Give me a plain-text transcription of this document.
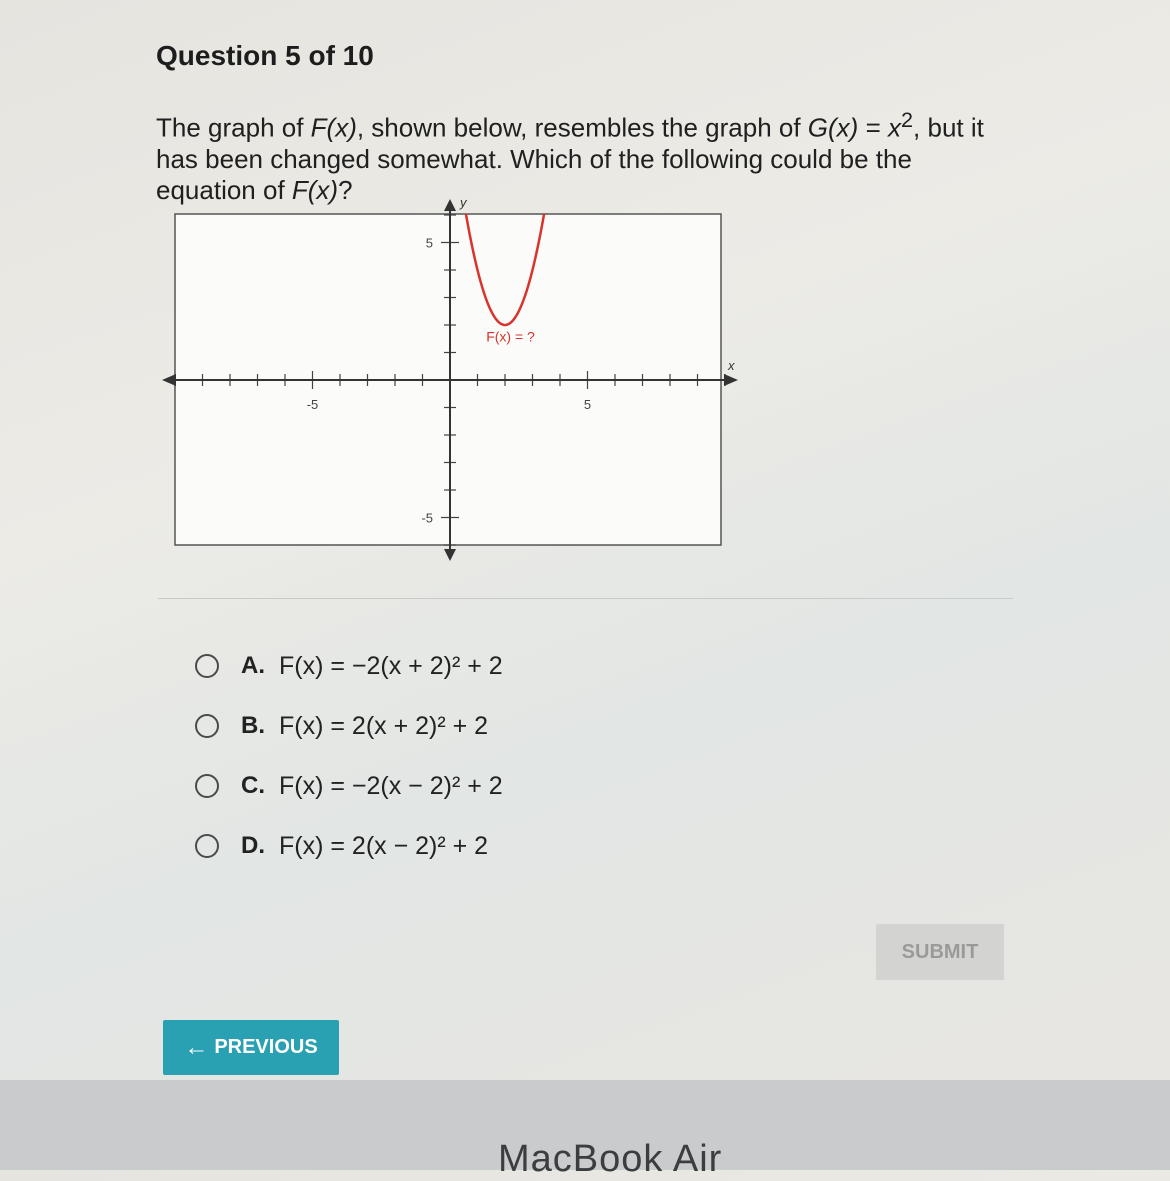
Question 5 of 10
The graph of F(x), shown below, resembles the graph of $G(x) = x^2$, but it has been changed somewhat. Which of the following could be the equation of F(x)?	y
x
-5	5
5
-5
F(x) = ?
A. F(x) = −2(x + 2)² + 2
B. F(x) = 2(x + 2)² + 2
C. F(x) = −2(x − 2)² + 2
D. F(x) = 2(x − 2)² + 2
SUBMIT
← PREVIOUS
MacBook Air
